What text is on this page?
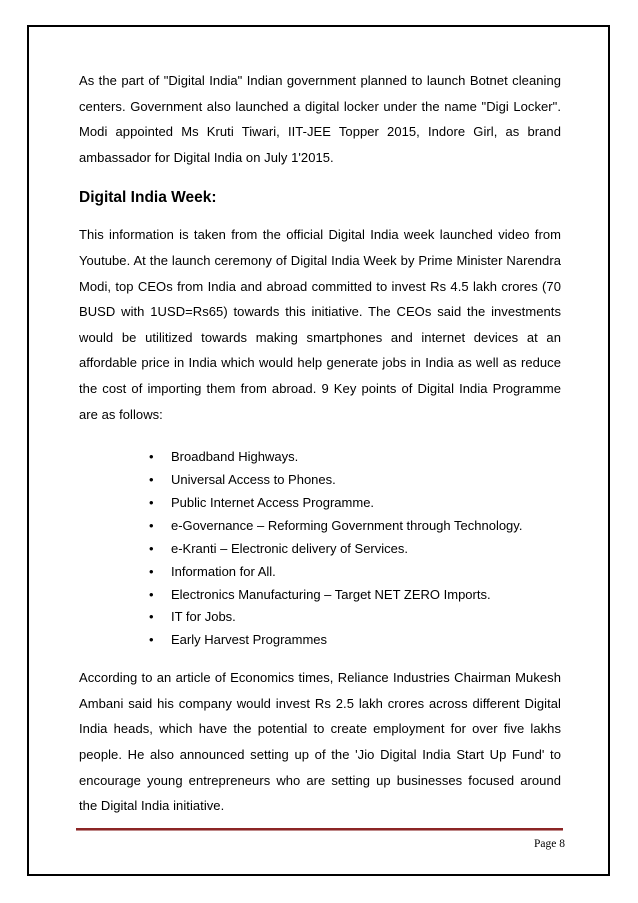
As the part of "Digital India" Indian government planned to launch Botnet cleaning centers. Government also launched a digital locker under the name "Digi Locker". Modi appointed Ms Kruti Tiwari, IIT-JEE Topper 2015, Indore Girl, as brand ambassador for Digital India on July 1'2015.

Digital India Week:

This information is taken from the official Digital India week launched video from Youtube. At the launch ceremony of Digital India Week by Prime Minister Narendra Modi, top CEOs from India and abroad committed to invest Rs 4.5 lakh crores (70 BUSD with 1USD=Rs65) towards this initiative. The CEOs said the investments would be utilitized towards making smartphones and internet devices at an affordable price in India which would help generate jobs in India as well as reduce the cost of importing them from abroad. 9 Key points of Digital India Programme are as follows:

• Broadband Highways.
• Universal Access to Phones.
• Public Internet Access Programme.
• e-Governance – Reforming Government through Technology.
• e-Kranti – Electronic delivery of Services.
• Information for All.
• Electronics Manufacturing – Target NET ZERO Imports.
• IT for Jobs.
• Early Harvest Programmes

According to an article of Economics times, Reliance Industries Chairman Mukesh Ambani said his company would invest Rs 2.5 lakh crores across different Digital India heads, which have the potential to create employment for over five lakhs people. He also announced setting up of the 'Jio Digital India Start Up Fund' to encourage young entrepreneurs who are setting up businesses focused around the Digital India initiative.

Page 8
